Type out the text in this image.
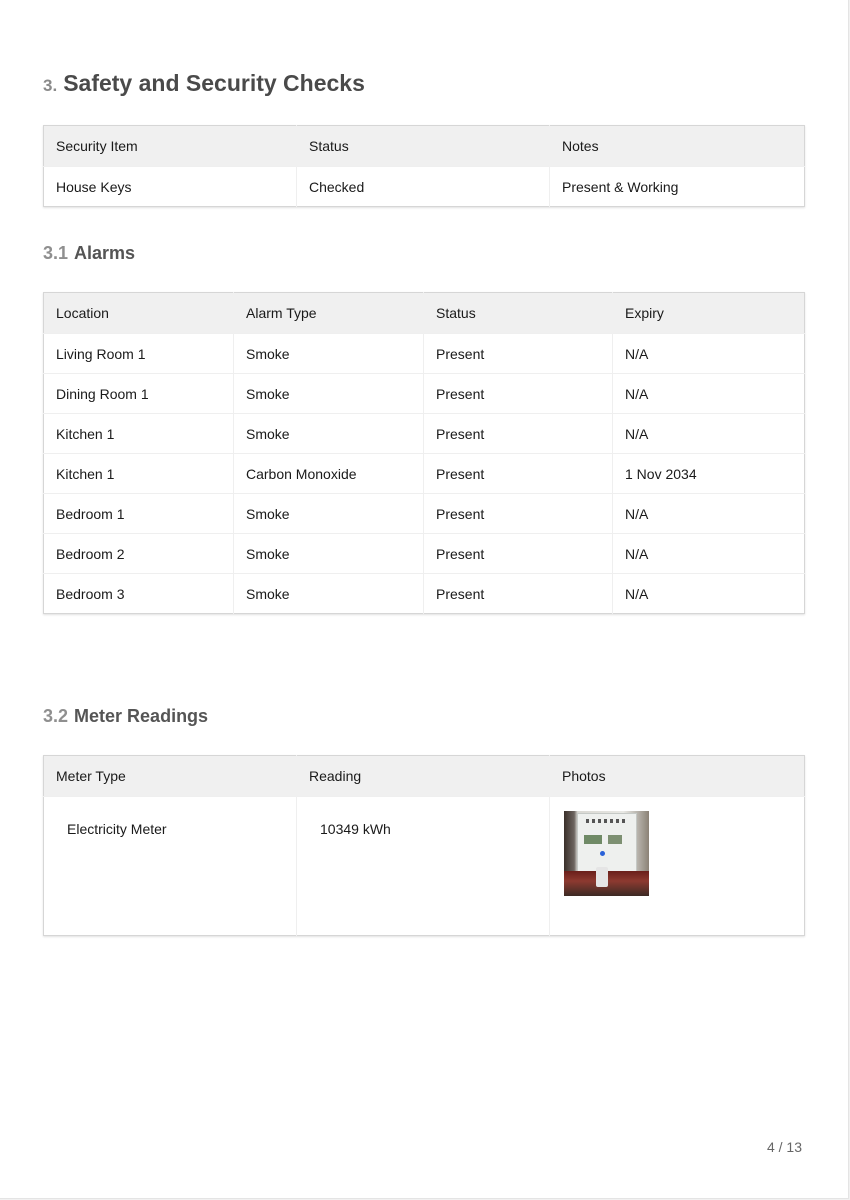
3. Safety and Security Checks
Security Item	Status	Notes
House Keys	Checked	Present & Working
3.1 Alarms
Location	Alarm Type	Status	Expiry
Living Room 1	Smoke	Present	N/A
Dining Room 1	Smoke	Present	N/A
Kitchen 1	Smoke	Present	N/A
Kitchen 1	Carbon Monoxide	Present	1 Nov 2034
Bedroom 1	Smoke	Present	N/A
Bedroom 2	Smoke	Present	N/A
Bedroom 3	Smoke	Present	N/A
3.2 Meter Readings
Meter Type	Reading	Photos
Electricity Meter	10349 kWh	
4 / 13
